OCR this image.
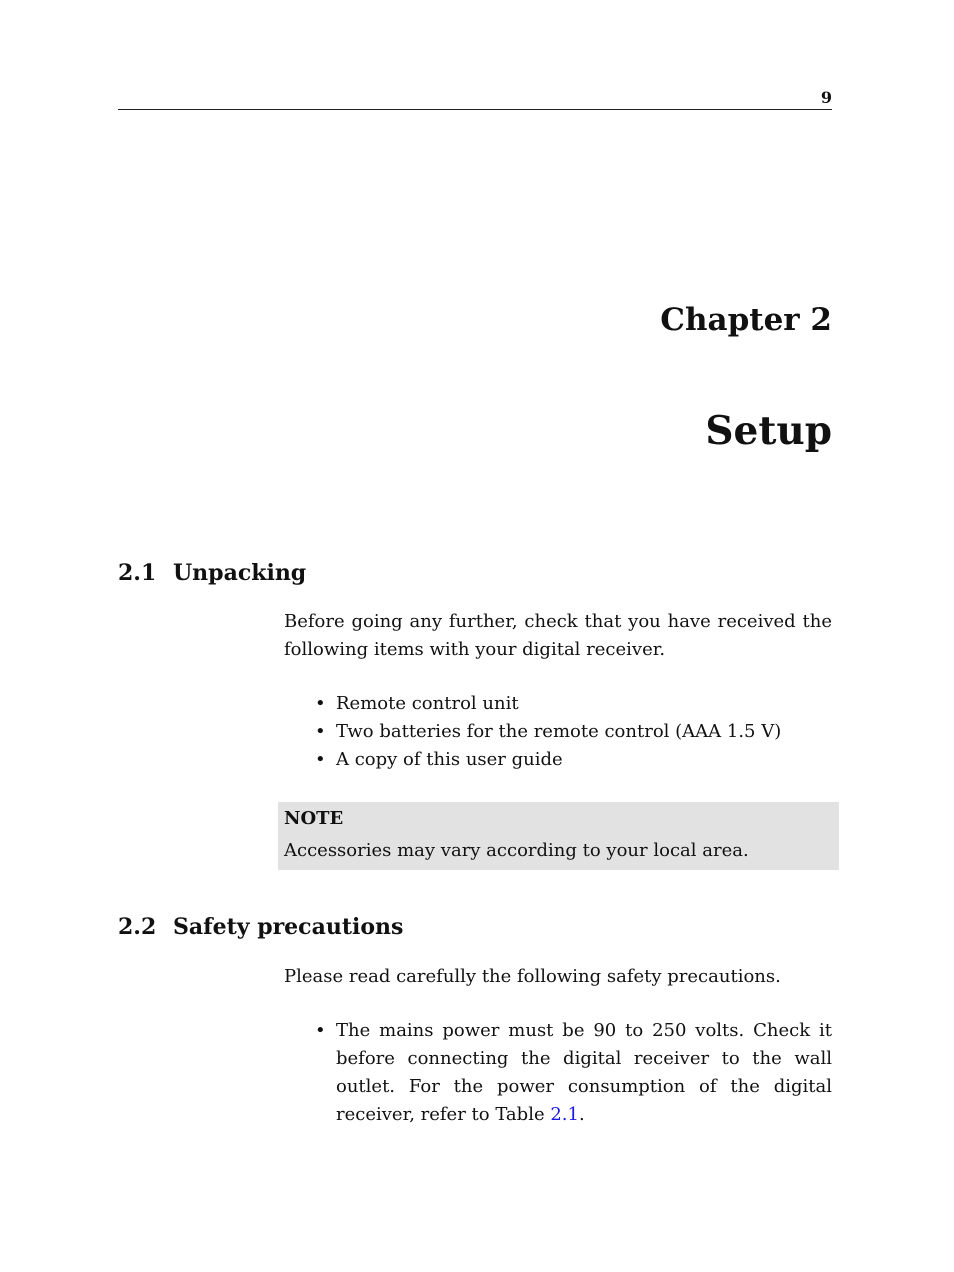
9
Chapter 2
Setup
2.1 Unpacking
Before going any further, check that you have received the following items with your digital receiver.
• Remote control unit
• Two batteries for the remote control (AAA 1.5 V)
• A copy of this user guide
NOTE
Accessories may vary according to your local area.
2.2 Safety precautions
Please read carefully the following safety precautions.
• The mains power must be 90 to 250 volts. Check it before connecting the digital receiver to the wall outlet. For the power consumption of the digital receiver, refer to Table 2.1.
